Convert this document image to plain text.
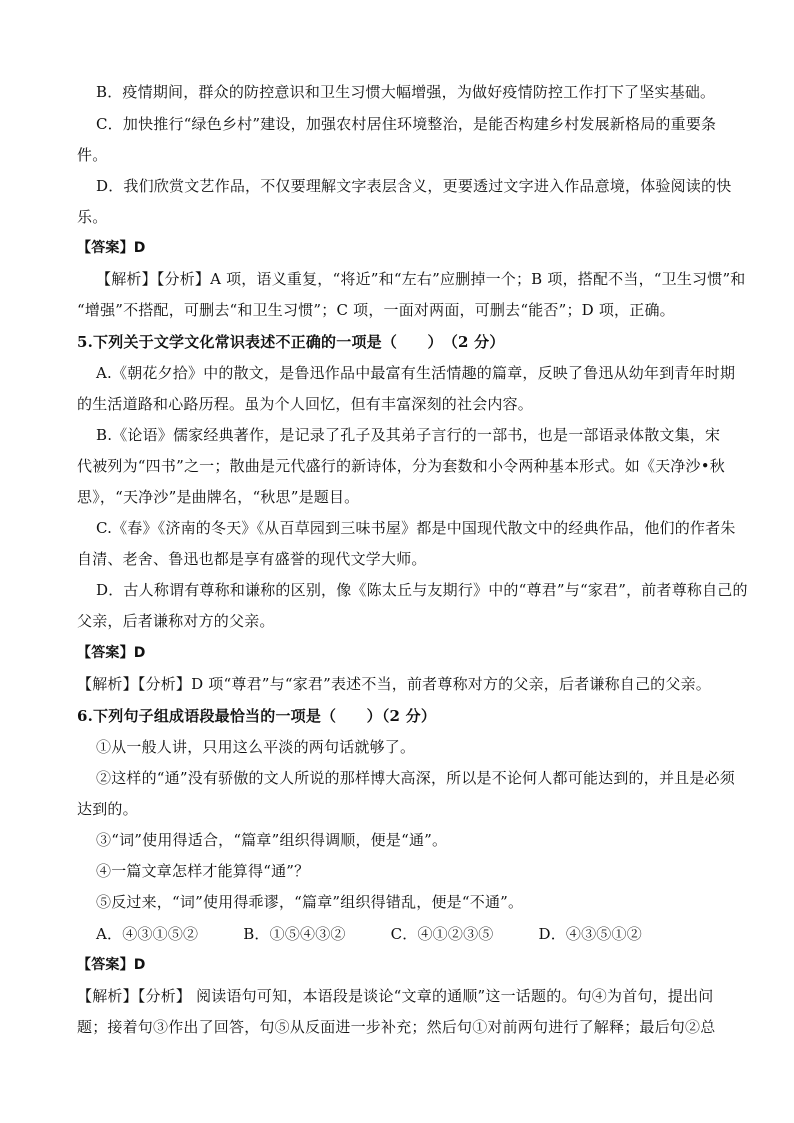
B．疫情期间，群众的防控意识和卫生习惯大幅增强，为做好疫情防控工作打下了坚实基础。
C．加快推行“绿色乡村”建设，加强农村居住环境整治，是能否构建乡村发展新格局的重要条
件。
D．我们欣赏文艺作品，不仅要理解文字表层含义，更要透过文字进入作品意境，体验阅读的快
乐。
【答案】D
【解析】【分析】A 项，语义重复，“将近”和“左右”应删掉一个；B 项，搭配不当，“卫生习惯”和
“增强”不搭配，可删去“和卫生习惯”；C 项，一面对两面，可删去“能否”；D 项，正确。
5.下列关于文学文化常识表述不正确的一项是（　　）　（2 分）
A.《朝花夕拾》中的散文，是鲁迅作品中最富有生活情趣的篇章，反映了鲁迅从幼年到青年时期
的生活道路和心路历程。虽为个人回忆，但有丰富深刻的社会内容。
B.《论语》儒家经典著作，是记录了孔子及其弟子言行的一部书，也是一部语录体散文集，宋
代被列为“四书”之一；散曲是元代盛行的新诗体，分为套数和小令两种基本形式。如《天净沙•秋
思》，“天净沙”是曲牌名，“秋思”是题目。
C.《春》《济南的冬天》《从百草园到三味书屋》都是中国现代散文中的经典作品，他们的作者朱
自清、老舍、鲁迅也都是享有盛誉的现代文学大师。
D．古人称谓有尊称和谦称的区别，像《陈太丘与友期行》中的“尊君”与“家君”，前者尊称自己的
父亲，后者谦称对方的父亲。
【答案】D
【解析】【分析】D 项“尊君”与“家君”表述不当，前者尊称对方的父亲，后者谦称自己的父亲。
6.下列句子组成语段最恰当的一项是（　　）（2 分）
①从一般人讲，只用这么平淡的两句话就够了。
②这样的“通”没有骄傲的文人所说的那样博大高深，所以是不论何人都可能达到的，并且是必须
达到的。
③“词”使用得适合，“篇章”组织得调顺，便是“通”。
④一篇文章怎样才能算得“通”？
⑤反过来，“词”使用得乖谬，“篇章”组织得错乱，便是“不通”。
A．④③①⑤②	B．①⑤④③②	C．④①②③⑤	D．④③⑤①②
【答案】D
【解析】【分析】 阅读语句可知，本语段是谈论“文章的通顺”这一话题的。句④为首句，提出问
题；接着句③作出了回答，句⑤从反面进一步补充；然后句①对前两句进行了解释；最后句②总
